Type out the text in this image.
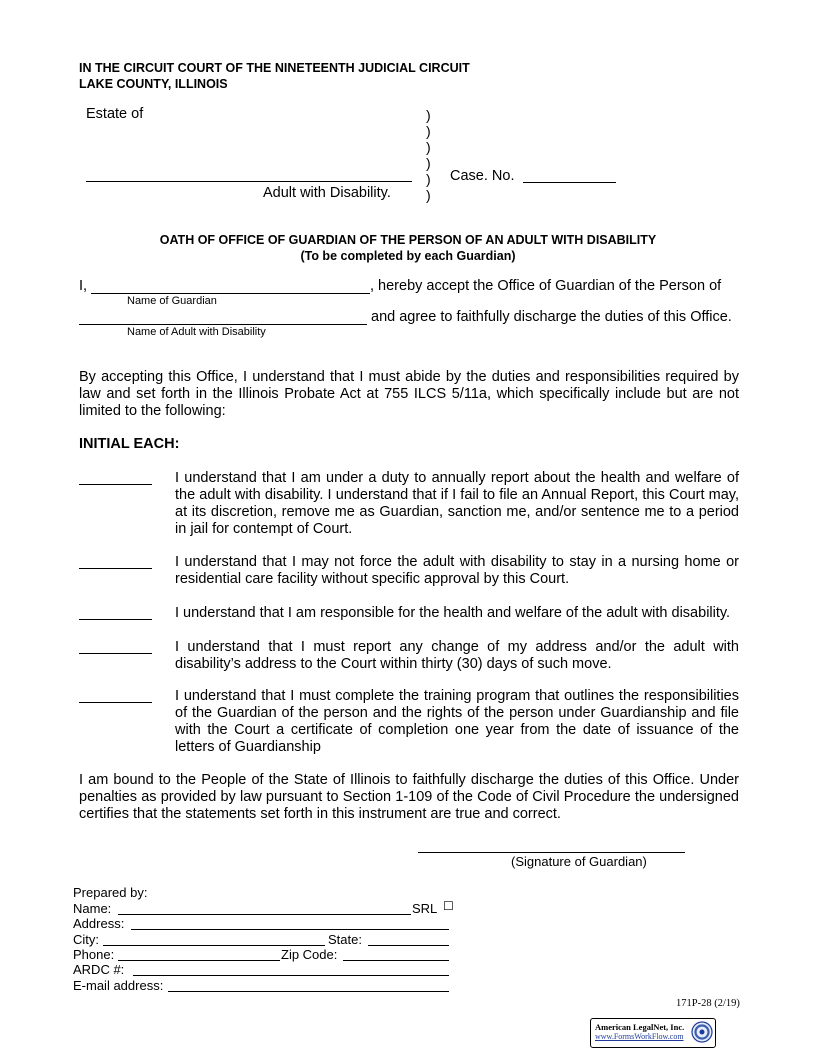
IN THE CIRCUIT COURT OF THE NINETEENTH JUDICIAL CIRCUIT
LAKE COUNTY, ILLINOIS
Estate of
Adult with Disability.
)
)
)
)
)
)
Case. No.
OATH OF OFFICE OF GUARDIAN OF THE PERSON OF AN ADULT WITH DISABILITY
(To be completed by each Guardian)
I,	, hereby accept the Office of Guardian of the Person of
Name of Guardian
and agree to faithfully discharge the duties of this Office.
Name of Adult with Disability
By accepting this Office, I understand that I must abide by the duties and responsibilities required by law and set forth in the Illinois Probate Act at 755 ILCS 5/11a, which specifically include but are not limited to the following:
INITIAL EACH:
I understand that I am under a duty to annually report about the health and welfare of the adult with disability. I understand that if I fail to file an Annual Report, this Court may, at its discretion, remove me as Guardian, sanction me, and/or sentence me to a period in jail for contempt of Court.
I understand that I may not force the adult with disability to stay in a nursing home or residential care facility without specific approval by this Court.
I understand that I am responsible for the health and welfare of the adult with disability.
I understand that I must report any change of my address and/or the adult with disability’s address to the Court within thirty (30) days of such move.
I understand that I must complete the training program that outlines the responsibilities of the Guardian of the person and the rights of the person under Guardianship and file with the Court a certificate of completion one year from the date of issuance of the letters of Guardianship
I am bound to the People of the State of Illinois to faithfully discharge the duties of this Office. Under penalties as provided by law pursuant to Section 1-109 of the Code of Civil Procedure the undersigned certifies that the statements set forth in this instrument are true and correct.
(Signature of Guardian)
Prepared by:
Name:	SRL ☐
Address:
City:	State:
Phone:	Zip Code:
ARDC #:
E-mail address:
171P-28 (2/19)
American LegalNet, Inc.
www.FormsWorkFlow.com
